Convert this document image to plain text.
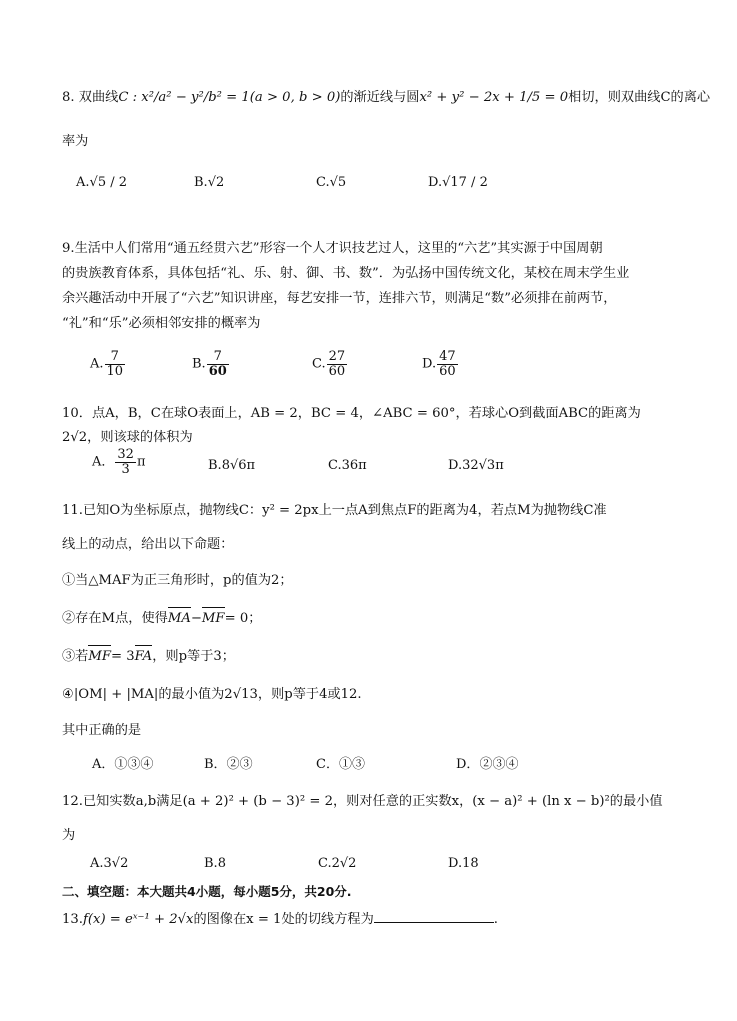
8. 双曲线C : x²/a² − y²/b² = 1(a > 0, b > 0)的渐近线与圆x² + y² − 2x + 1/5 = 0相切，则双曲线C的离心
率为
A.√5 / 2	B.√2	C.√5	D.√17 / 2
9.生活中人们常用“通五经贯六艺”形容一个人才识技艺过人，这里的“六艺”其实源于中国周朝
的贵族教育体系，具体包括“礼、乐、射、御、书、数”．为弘扬中国传统文化，某校在周末学生业
余兴趣活动中开展了“六艺”知识讲座，每艺安排一节，连排六节，则满足“数”必须排在前两节，
“礼”和“乐”必须相邻安排的概率为
A. $\frac{7}{10}$	B. $\frac{7}{60}$	C. $\frac{27}{60}$	D. $\frac{47}{60}$
10．点A，B，C在球O表面上，AB = 2，BC = 4，∠ABC = 60°，若球心O到截面ABC的距离为
2√2，则该球的体积为
A． $\frac{32}{3}$ π	B.8√6π	C.36π	D.32√3π
11.已知O为坐标原点，抛物线C：y² = 2px上一点A到焦点F的距离为4，若点M为抛物线C准
线上的动点，给出以下命题：
①当△MAF为正三角形时，p的值为2；
②存在M点，使得MA−MF= 0；
③若MF= 3FA，则p等于3；
④|OM| + |MA|的最小值为2√13，则p等于4或12.
其中正确的是
A．①③④	B．②③	C．①③	D．②③④
12.已知实数a,b满足(a + 2)² + (b − 3)² = 2，则对任意的正实数x，(x − a)² + (ln x − b)²的最小值
为
A.3√2	B.8	C.2√2	D.18
二、填空题：本大题共4小题，每小题5分，共20分.
13.f(x) = eˣ⁻¹ + 2√x的图像在x = 1处的切线方程为	.
